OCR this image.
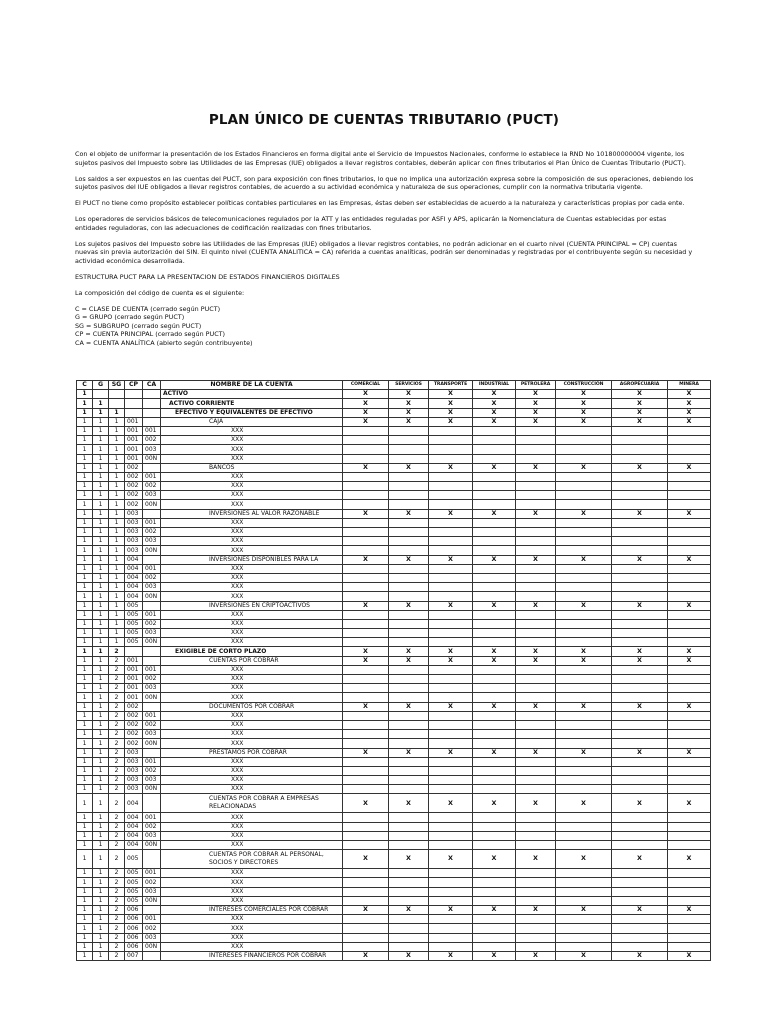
PLAN ÚNICO DE CUENTAS TRIBUTARIO (PUCT)

Con el objeto de uniformar la presentación de los Estados Financieros en forma digital ante el Servicio de Impuestos Nacionales, conforme lo establece la RND No 101800000004 vigente, los sujetos pasivos del Impuesto sobre las Utilidades de las Empresas (IUE) obligados a llevar registros contables, deberán aplicar con fines tributarios el Plan Único de Cuentas Tributario (PUCT).

Los saldos a ser expuestos en las cuentas del PUCT, son para exposición con fines tributarios, lo que no implica una autorización expresa sobre la composición de sus operaciones, debiendo los sujetos pasivos del IUE obligados a llevar registros contables, de acuerdo a su actividad económica y naturaleza de sus operaciones, cumplir con la normativa tributaria vigente.

El PUCT no tiene como propósito establecer políticas contables particulares en las Empresas, éstas deben ser establecidas de acuerdo a la naturaleza y características propias por cada ente.

Los operadores de servicios básicos de telecomunicaciones regulados por la ATT y las entidades reguladas por ASFI y APS, aplicarán la Nomenclatura de Cuentas establecidas por estas entidades reguladoras, con las adecuaciones de codificación realizadas con fines tributarios.

Los sujetos pasivos del Impuesto sobre las Utilidades de las Empresas (IUE) obligados a llevar registros contables, no podrán adicionar en el cuarto nivel (CUENTA PRINCIPAL = CP) cuentas nuevas sin previa autorización del SIN. El quinto nivel (CUENTA ANALITICA = CA) referida a cuentas analíticas, podrán ser denominadas y registradas por el contribuyente según su necesidad y actividad económica desarrollada.

ESTRUCTURA PUCT PARA LA PRESENTACION DE ESTADOS FINANCIEROS DIGITALES

La composición del código de cuenta es el siguiente:

C = CLASE DE CUENTA (cerrado según PUCT)

G = GRUPO (cerrado según PUCT)

SG = SUBGRUPO (cerrado según PUCT)

CP = CUENTA PRINCIPAL (cerrado según PUCT)

CA = CUENTA ANALÍTICA (abierto según contribuyente)

C	G	SG	CP	CA	NOMBRE DE LA CUENTA	COMERCIAL	SERVICIOS	TRANSPORTE	INDUSTRIAL	PETROLERA	CONSTRUCCIÓN	AGROPECUARIA	MINERA
1					ACTIVO	X	X	X	X	X	X	X	X
1	1				ACTIVO CORRIENTE	X	X	X	X	X	X	X	X
1	1	1			EFECTIVO Y EQUIVALENTES DE EFECTIVO	X	X	X	X	X	X	X	X
1	1	1	001		CAJA	X	X	X	X	X	X	X	X
1	1	1	001	001	XXX								
1	1	1	001	002	XXX								
1	1	1	001	003	XXX								
1	1	1	001	00N	XXX								
1	1	1	002		BANCOS	X	X	X	X	X	X	X	X
1	1	1	002	001	XXX								
1	1	1	002	002	XXX								
1	1	1	002	003	XXX								
1	1	1	002	00N	XXX								
1	1	1	003		INVERSIONES AL VALOR RAZONABLE	X	X	X	X	X	X	X	X
1	1	1	003	001	XXX								
1	1	1	003	002	XXX								
1	1	1	003	003	XXX								
1	1	1	003	00N	XXX								
1	1	1	004		INVERSIONES DISPONIBLES PARA LA	X	X	X	X	X	X	X	X
1	1	1	004	001	XXX								
1	1	1	004	002	XXX								
1	1	1	004	003	XXX								
1	1	1	004	00N	XXX								
1	1	1	005		INVERSIONES EN CRIPTOACTIVOS	X	X	X	X	X	X	X	X
1	1	1	005	001	XXX								
1	1	1	005	002	XXX								
1	1	1	005	003	XXX								
1	1	1	005	00N	XXX								
1	1	2			EXIGIBLE DE CORTO PLAZO	X	X	X	X	X	X	X	X
1	1	2	001		CUENTAS POR COBRAR	X	X	X	X	X	X	X	X
1	1	2	001	001	XXX								
1	1	2	001	002	XXX								
1	1	2	001	003	XXX								
1	1	2	001	00N	XXX								
1	1	2	002		DOCUMENTOS POR COBRAR	X	X	X	X	X	X	X	X
1	1	2	002	001	XXX								
1	1	2	002	002	XXX								
1	1	2	002	003	XXX								
1	1	2	002	00N	XXX								
1	1	2	003		PRESTAMOS POR COBRAR	X	X	X	X	X	X	X	X
1	1	2	003	001	XXX								
1	1	2	003	002	XXX								
1	1	2	003	003	XXX								
1	1	2	003	00N	XXX								
1	1	2	004		CUENTAS POR COBRAR A EMPRESAS RELACIONADAS	X	X	X	X	X	X	X	X
1	1	2	004	001	XXX								
1	1	2	004	002	XXX								
1	1	2	004	003	XXX								
1	1	2	004	00N	XXX								
1	1	2	005		CUENTAS POR COBRAR AL PERSONAL, SOCIOS Y DIRECTORES	X	X	X	X	X	X	X	X
1	1	2	005	001	XXX								
1	1	2	005	002	XXX								
1	1	2	005	003	XXX								
1	1	2	005	00N	XXX								
1	1	2	006		INTERESES COMERCIALES POR COBRAR	X	X	X	X	X	X	X	X
1	1	2	006	001	XXX								
1	1	2	006	002	XXX								
1	1	2	006	003	XXX								
1	1	2	006	00N	XXX								
1	1	2	007		INTERESES FINANCIEROS POR COBRAR	X	X	X	X	X	X	X	X
